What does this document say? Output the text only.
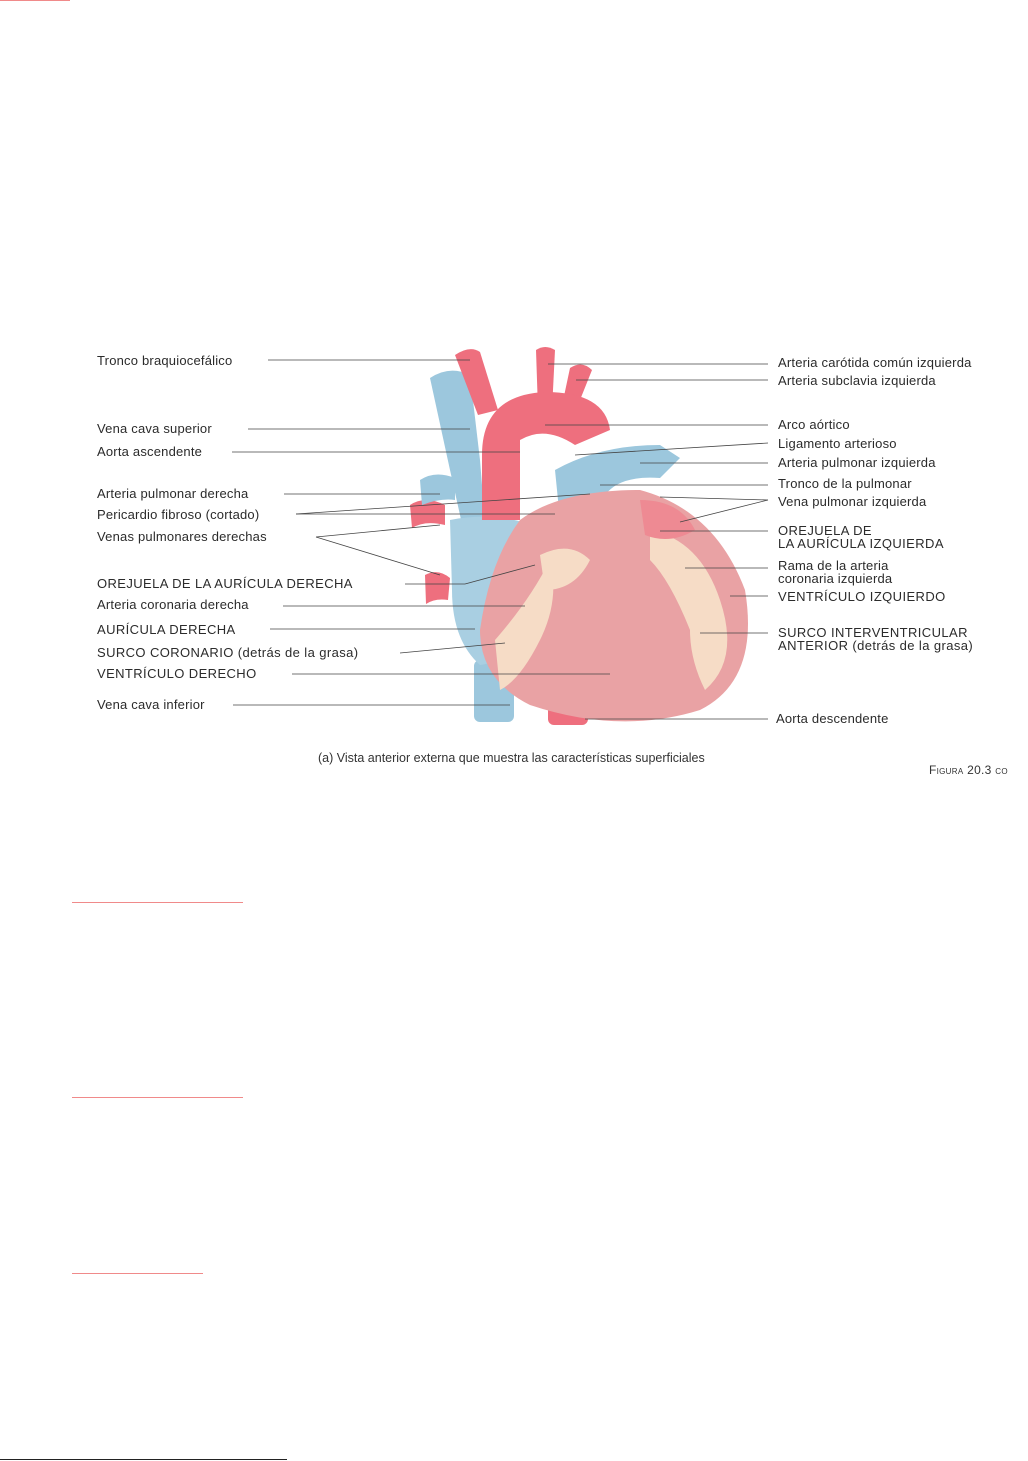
Tronco braquiocefálico
Vena cava superior
Aorta ascendente
Arteria pulmonar derecha
Pericardio fibroso (cortado)
Venas pulmonares derechas
OREJUELA DE LA AURÍCULA DERECHA
Arteria coronaria derecha
AURÍCULA DERECHA
SURCO CORONARIO (detrás de la grasa)
VENTRÍCULO DERECHO
Vena cava inferior
Arteria carótida común izquierda
Arteria subclavia izquierda
Arco aórtico
Ligamento arterioso
Arteria pulmonar izquierda
Tronco de la pulmonar
Vena pulmonar izquierda
OREJUELA DE
LA AURÍCULA IZQUIERDA
Rama de la arteria
coronaria izquierda
VENTRÍCULO IZQUIERDO
SURCO INTERVENTRICULAR
ANTERIOR (detrás de la grasa)
Aorta descendente
(a) Vista anterior externa que muestra las características superficiales
Figura 20.3 co
